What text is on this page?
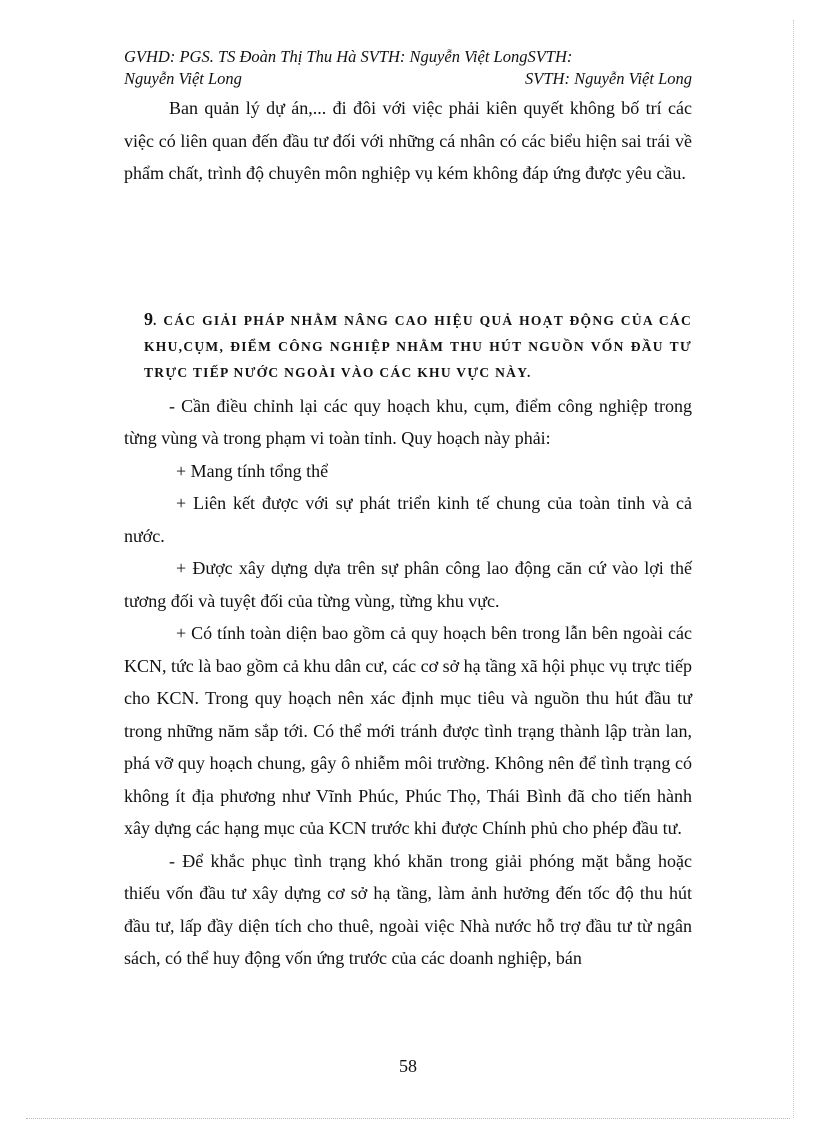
GVHD: PGS. TS Đoàn Thị Thu Hà SVTH: Nguyễn Việt LongSVTH:
Nguyễn Việt Long	SVTH: Nguyễn Việt Long

Ban quản lý dự án,... đi đôi với việc phải kiên quyết không bố trí các việc có liên quan đến đầu tư đối với những cá nhân có các biểu hiện sai trái về phẩm chất, trình độ chuyên môn nghiệp vụ kém không đáp ứng được yêu cầu.

9. CÁC GIẢI PHÁP NHẰM NÂNG CAO HIỆU QUẢ HOẠT ĐỘNG CỦA CÁC KHU,CỤM, ĐIỂM CÔNG NGHIỆP NHẰM THU HÚT NGUỒN VỐN ĐẦU TƯ TRỰC TIẾP NƯỚC NGOÀI VÀO CÁC KHU VỰC NÀY.

- Cần điều chỉnh lại các quy hoạch khu, cụm, điểm công nghiệp trong từng vùng và trong phạm vi toàn tỉnh. Quy hoạch này phải:

+ Mang tính tổng thể

+ Liên kết được với sự phát triển kinh tế chung của toàn tỉnh và cả nước.

+ Được xây dựng dựa trên sự phân công lao động căn cứ vào lợi thế tương đối và tuyệt đối của từng vùng, từng khu vực.

+ Có tính toàn diện bao gồm cả quy hoạch bên trong lẫn bên ngoài các KCN, tức là bao gồm cả khu dân cư, các cơ sở hạ tầng xã hội phục vụ trực tiếp cho KCN. Trong quy hoạch nên xác định mục tiêu và nguồn thu hút đầu tư trong những năm sắp tới. Có thể mới tránh được tình trạng thành lập tràn lan, phá vỡ quy hoạch chung, gây ô nhiễm môi trường. Không nên để tình trạng có không ít địa phương như Vĩnh Phúc, Phúc Thọ, Thái Bình đã cho tiến hành xây dựng các hạng mục của KCN trước khi được Chính phủ cho phép đầu tư.

- Để khắc phục tình trạng khó khăn trong giải phóng mặt bằng hoặc thiếu vốn đầu tư xây dựng cơ sở hạ tầng, làm ảnh hưởng đến tốc độ thu hút đầu tư, lấp đầy diện tích cho thuê, ngoài việc Nhà nước hỗ trợ đầu tư từ ngân sách, có thể huy động vốn ứng trước của các doanh nghiệp, bán

58
